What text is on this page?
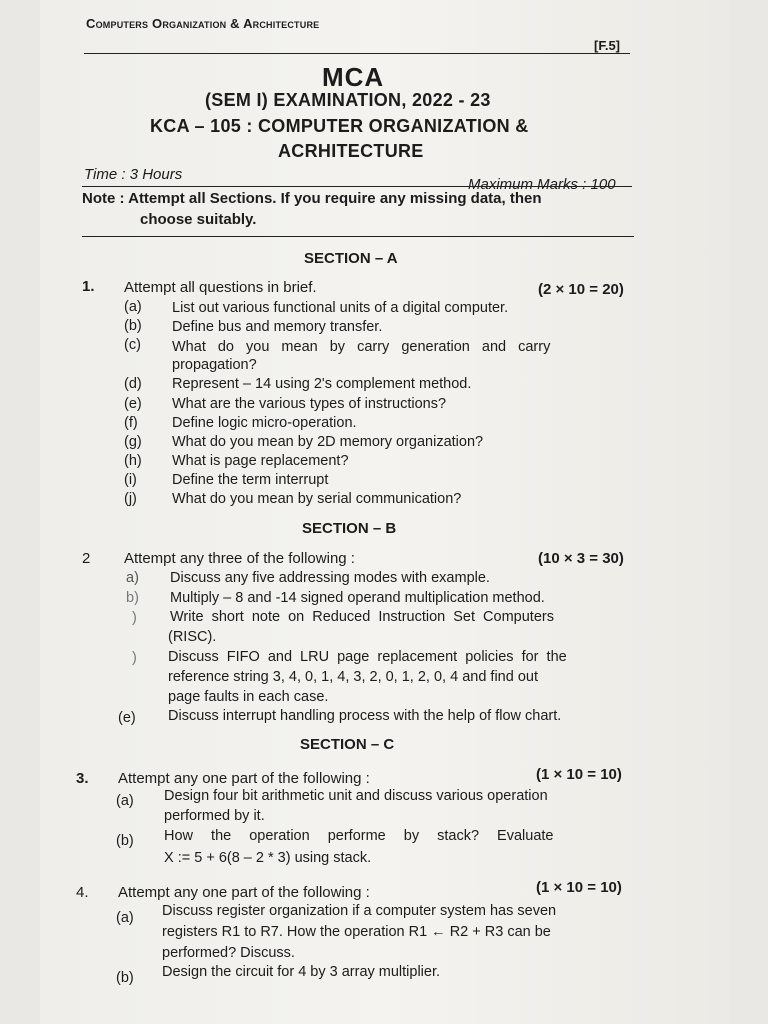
Computers Organization & Architecture
[F.5]
MCA
(SEM I) EXAMINATION, 2022 - 23
KCA – 105 : COMPUTER ORGANIZATION &
ACRHITECTURE
Time : 3 Hours
Maximum Marks : 100
Note : Attempt all Sections. If you require any missing data, then
choose suitably.
SECTION – A
1. Attempt all questions in brief.	(2 × 10 = 20)
(a) List out various functional units of a digital computer.
(b) Define bus and memory transfer.
(c) What do you mean by carry generation and carry
propagation?
(d) Represent – 14 using 2's complement method.
(e) What are the various types of instructions?
(f) Define logic micro-operation.
(g) What do you mean by 2D memory organization?
(h) What is page replacement?
(i) Define the term interrupt
(j) What do you mean by serial communication?
SECTION – B
2 Attempt any three of the following :	(10 × 3 = 30)
a) Discuss any five addressing modes with example.
b) Multiply – 8 and -14 signed operand multiplication method.
) Write short note on Reduced Instruction Set Computers
(RISC).
) Discuss FIFO and LRU page replacement policies for the
reference string 3, 4, 0, 1, 4, 3, 2, 0, 1, 2, 0, 4 and find out
page faults in each case.
(e) Discuss interrupt handling process with the help of flow chart.
SECTION – C
3. Attempt any one part of the following :	(1 × 10 = 10)
(a) Design four bit arithmetic unit and discuss various operation
performed by it.
(b) How the operation performe by stack? Evaluate
X := 5 + 6(8 – 2 * 3) using stack.
4. Attempt any one part of the following :	(1 × 10 = 10)
(a) Discuss register organization if a computer system has seven
registers R1 to R7. How the operation R1 ← R2 + R3 can be
performed? Discuss.
(b) Design the circuit for 4 by 3 array multiplier.
